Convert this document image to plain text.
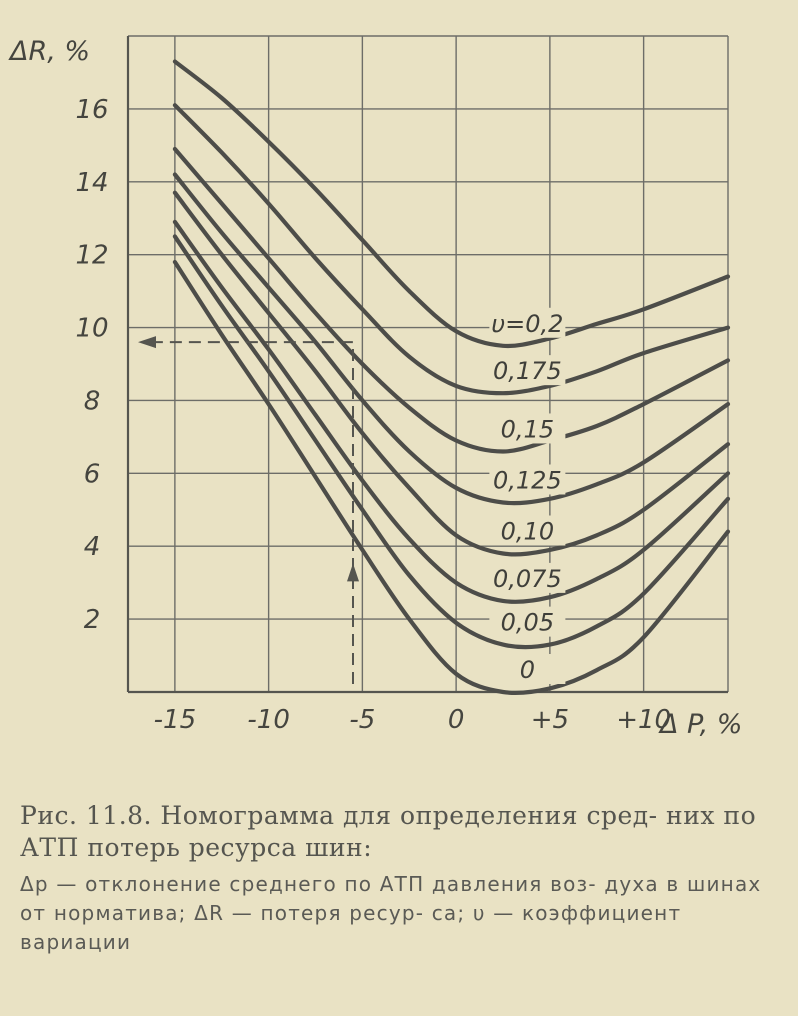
υ=0,2
0,175
0,15
0,125
0,10
0,075
0,05
0
-15 -10 -5	0	+5 +10
2
4
6
8
10
12
14
16
ΔR, %
Δ P, %

Рис. 11.8. Номограмма для определения сред- них по АТП потерь ресурса шин:

Δp — отклонение среднего по АТП давления воз- духа в шинах от норматива; ΔR — потеря ресур- са; υ — коэффициент вариации
